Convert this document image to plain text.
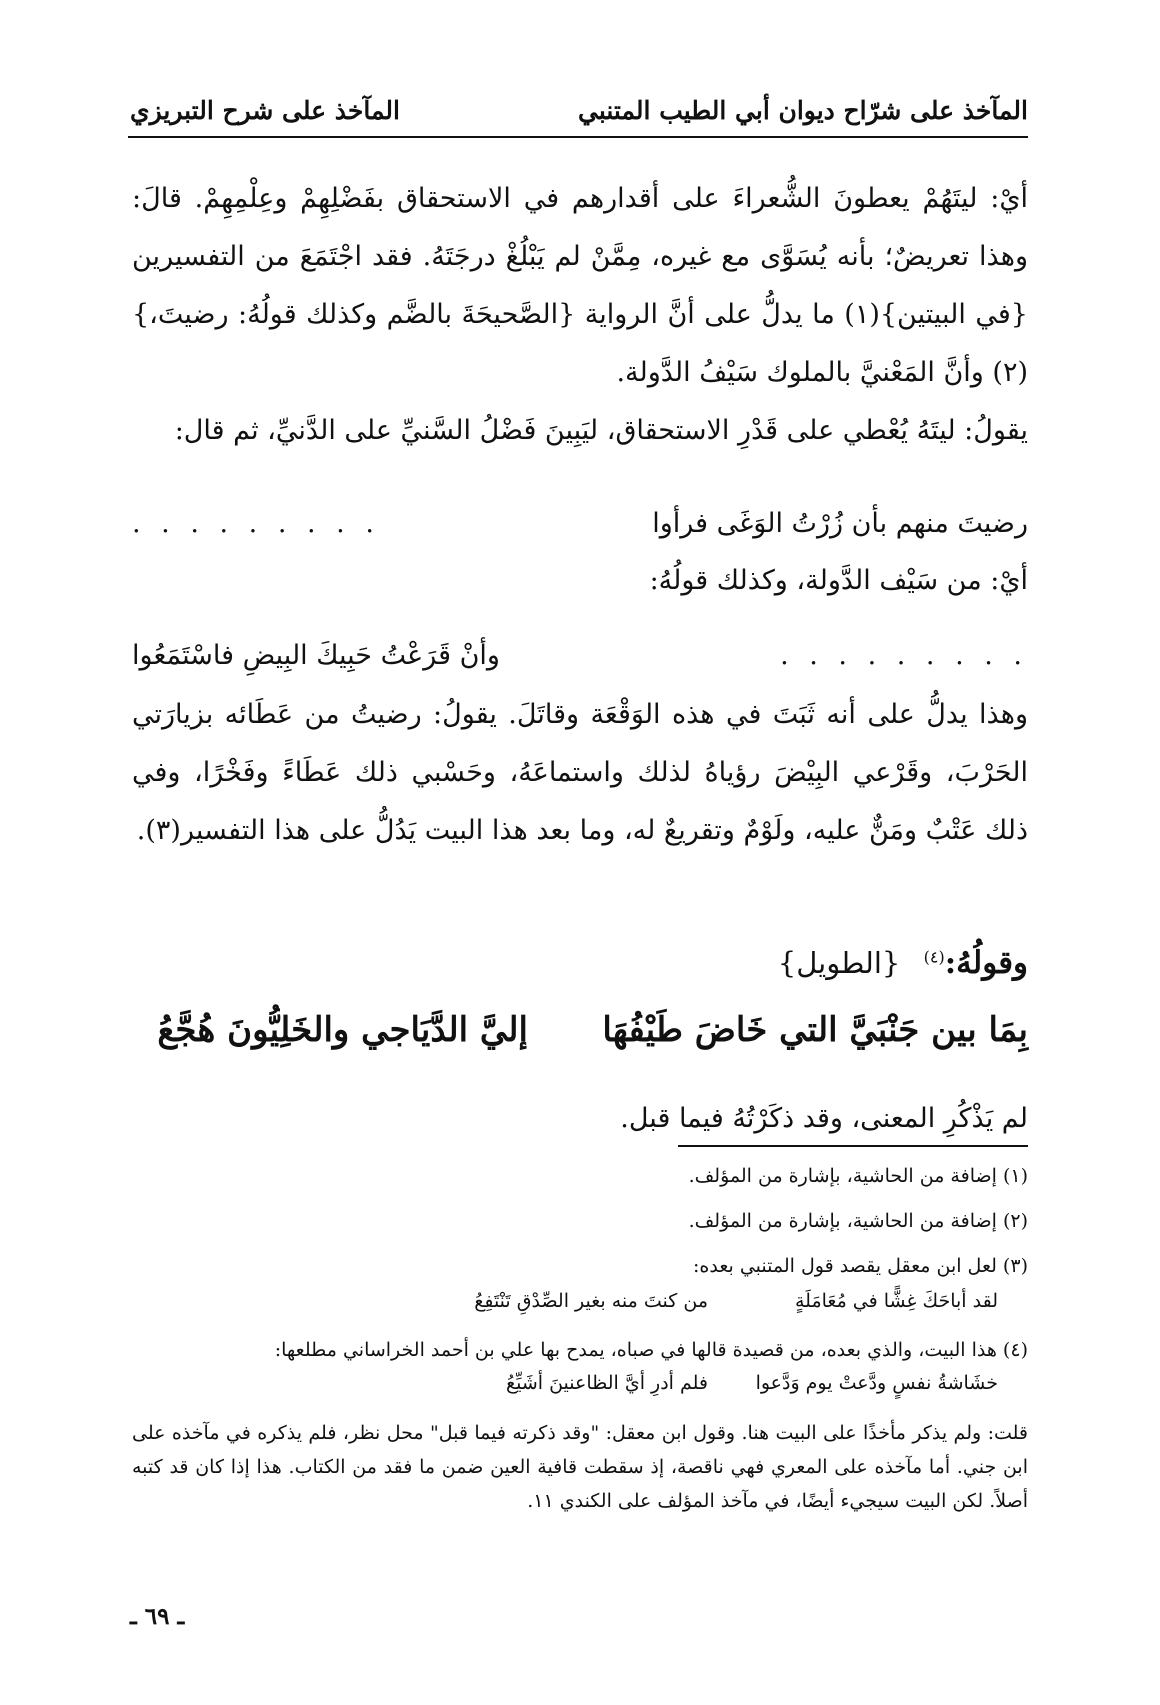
المآخذ على شرّاح ديوان أبي الطيب المتنبي
المآخذ على شرح التبريزي
أيْ: ليتَهُمْ يعطونَ الشُّعراءَ على أقدارهم في الاستحقاق بفَضْلِهِمْ وعِلْمِهِمْ. قالَ: وهذا تعريضٌ؛ بأنه يُسَوَّى مع غيره، مِمَّنْ لم يَبْلُغْ درجَتَهُ. فقد اجْتَمَعَ من التفسيرين {في البيتين}(١) ما يدلُّ على أنَّ الرواية {الصَّحيحَةَ بالضَّم وكذلك قولُهُ: رضيتَ،}(٢) وأنَّ المَعْنيَّ بالملوك سَيْفُ الدَّولة.
يقولُ: ليتَهُ يُعْطي على قَدْرِ الاستحقاق، ليَبِينَ فَضْلُ السَّنيِّ على الدَّنيِّ، ثم قال:
رضيتَ منهم بأن زُرْتُ الوَغَى فرأوا
. . . . . . . . .
أيْ: من سَيْف الدَّولة، وكذلك قولُهُ:
. . . . . . . . .
وأنْ قَرَعْتُ حَبِيكَ البِيضِ فاسْتَمَعُوا
وهذا يدلُّ على أنه ثَبَتَ في هذه الوَقْعَة وقاتَلَ. يقولُ: رضيتُ من عَطَائه بزيارَتي الحَرْبَ، وقَرْعي البِيْضَ رؤياهُ لذلك واستماعَهُ، وحَسْبي ذلك عَطَاءً وفَخْرًا، وفي ذلك عَتْبٌ ومَنٌّ عليه، ولَوْمٌ وتقريعٌ له، وما بعد هذا البيت يَدُلُّ على هذا التفسير(٣).
وقولُهُ:$^{(٤)}$ {الطويل}
بِمَا بين جَنْبَيَّ التي خَاضَ طَيْفُهَا
إليَّ الدَّيَاجي والخَلِيُّونَ هُجَّعُ
لم يَذْكُرِ المعنى، وقد ذكَرْتُهُ فيما قبل.
(١) إضافة من الحاشية، بإشارة من المؤلف.
(٢) إضافة من الحاشية، بإشارة من المؤلف.
(٣) لعل ابن معقل يقصد قول المتنبي بعده:
لقد أباحَكَ غِشًّا في مُعَامَلَةٍ
من كنتَ منه بغير الصِّدْقِ تَنْتَفِعُ
(٤) هذا البيت، والذي بعده، من قصيدة قالها في صباه، يمدح بها علي بن أحمد الخراساني مطلعها:
خشَاشةُ نفسٍ ودَّعتْ يوم وَدَّعوا
فلم أدرِ أيَّ الظاعنينَ أشَيِّعُ
قلت: ولم يذكر مأخذًا على البيت هنا. وقول ابن معقل: "وقد ذكرته فيما قبل" محل نظر، فلم يذكره في مآخذه على ابن جني. أما مآخذه على المعري فهي ناقصة، إذ سقطت قافية العين ضمن ما فقد من الكتاب. هذا إذا كان قد كتبه أصلاً. لكن البيت سيجيء أيضًا، في مآخذ المؤلف على الكندي ١١.
ـ ٦٩ ـ
